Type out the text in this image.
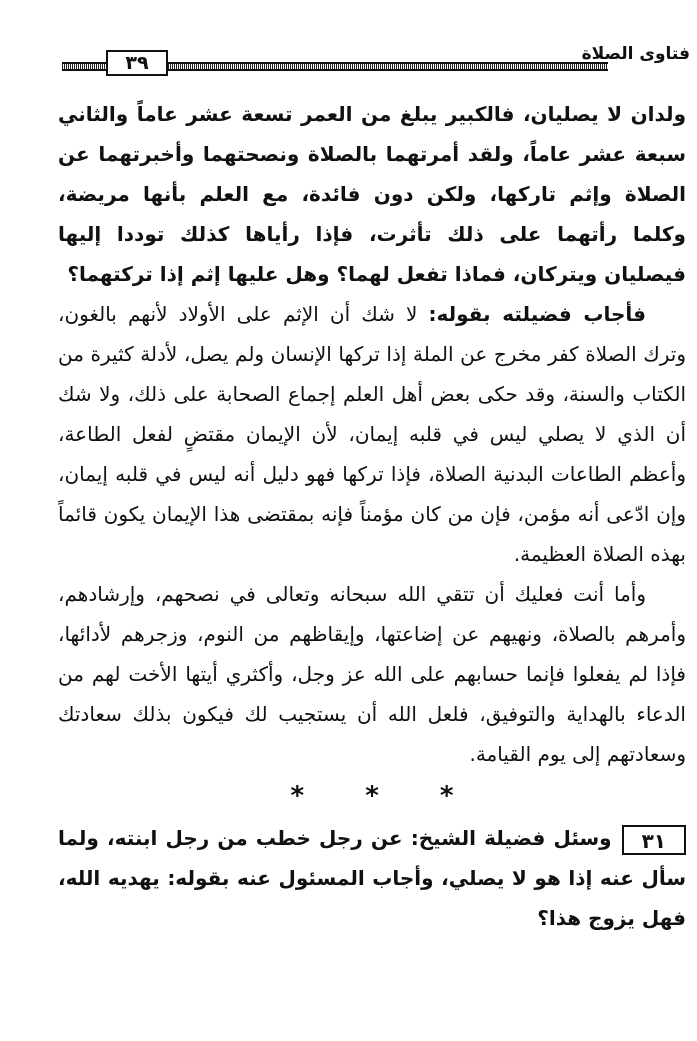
٣٩	فتاوى الصلاة

ولدان لا يصليان، فالكبير يبلغ من العمر تسعة عشر عاماً والثاني سبعة عشر عاماً، ولقد أمرتهما بالصلاة ونصحتهما وأخبرتهما عن الصلاة وإثم تاركها، ولكن دون فائدة، مع العلم بأنها مريضة، وكلما رأتهما على ذلك تأثرت، فإذا رأياها كذلك توددا إليها فيصليان ويتركان، فماذا تفعل لهما؟ وهل عليها إثم إذا تركتهما؟

فأجاب فضيلته بقوله: لا شك أن الإثم على الأولاد لأنهم بالغون، وترك الصلاة كفر مخرج عن الملة إذا تركها الإنسان ولم يصل، لأدلة كثيرة من الكتاب والسنة، وقد حكى بعض أهل العلم إجماع الصحابة على ذلك، ولا شك أن الذي لا يصلي ليس في قلبه إيمان، لأن الإيمان مقتضٍ لفعل الطاعة، وأعظم الطاعات البدنية الصلاة، فإذا تركها فهو دليل أنه ليس في قلبه إيمان، وإن ادّعى أنه مؤمن، فإن من كان مؤمناً فإنه بمقتضى هذا الإيمان يكون قائماً بهذه الصلاة العظيمة.

وأما أنت فعليك أن تتقي الله سبحانه وتعالى في نصحهم، وإرشادهم، وأمرهم بالصلاة، ونهيهم عن إضاعتها، وإيقاظهم من النوم، وزجرهم لأدائها، فإذا لم يفعلوا فإنما حسابهم على الله عز وجل، وأكثري أيتها الأخت لهم من الدعاء بالهداية والتوفيق، فلعل الله أن يستجيب لك فيكون بذلك سعادتك وسعادتهم إلى يوم القيامة.

* * *

٣١وسئل فضيلة الشيخ: عن رجل خطب من رجل ابنته، ولما سأل عنه إذا هو لا يصلي، وأجاب المسئول عنه بقوله: يهديه الله، فهل يزوج هذا؟
